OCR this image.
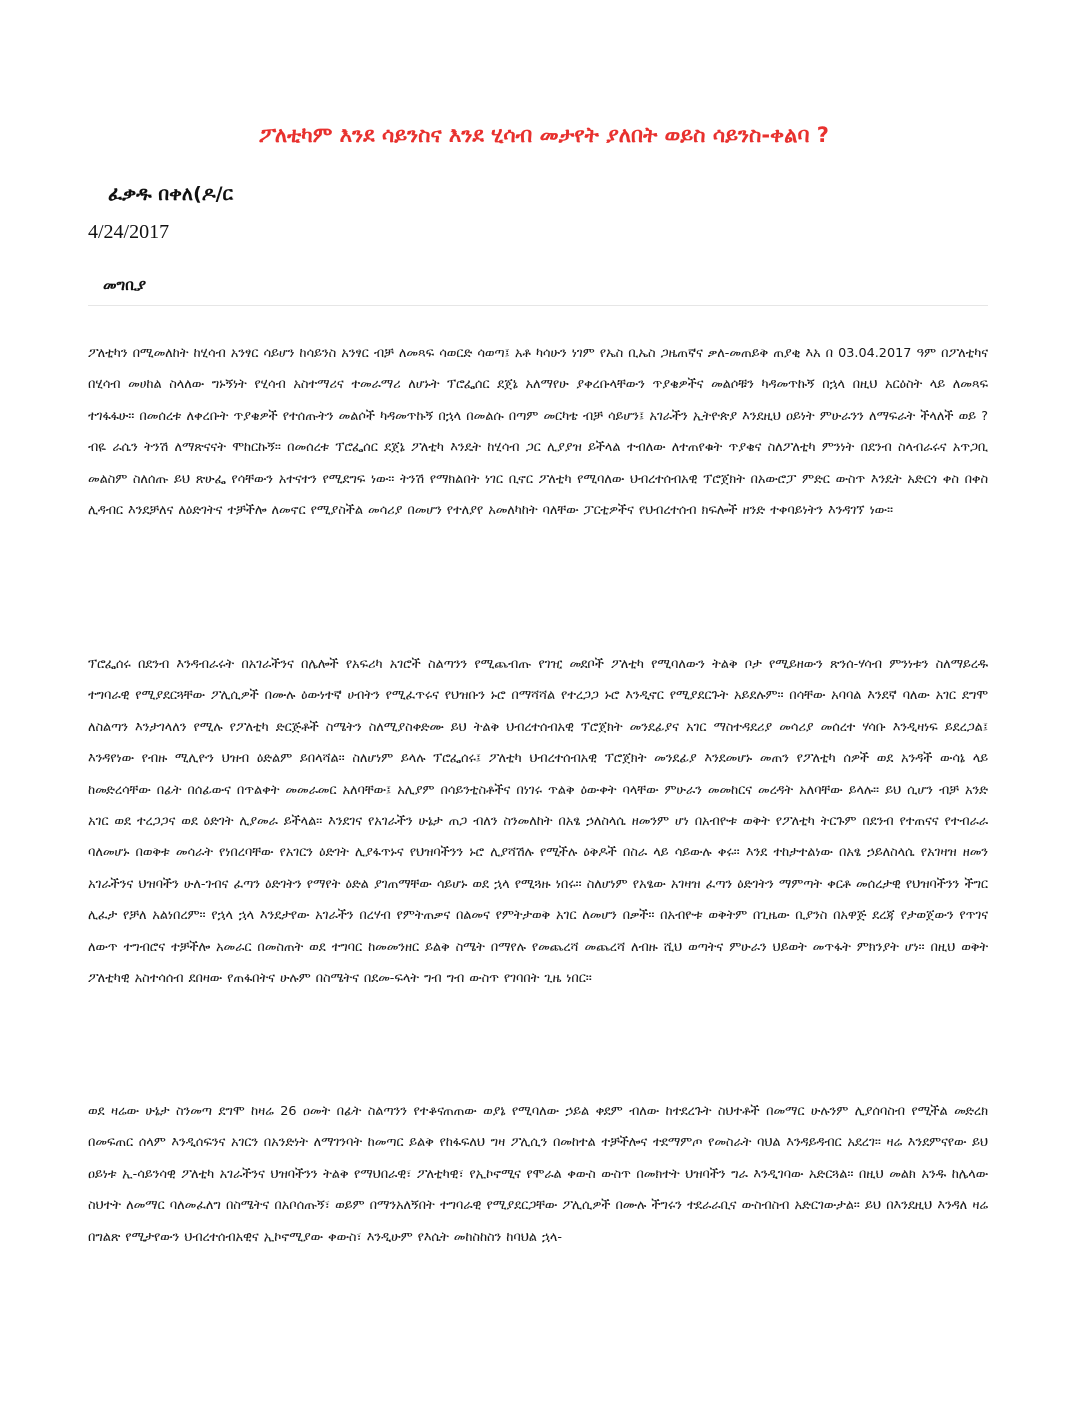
ፖለቲካም እንደ ሳይንስና እንደ ሂሳብ መታየት ያለበት ወይስ ሳይንስ-ቀልባ ?

ፈቃዱ በቀለ(ዶ/ር

4/24/2017

መግቢያ

ፖለቲካን በሚመለከት ከሂሳብ አንፃር ሳይሆን ከሳይንስ አንፃር ብቻ ለመጻፍ ሳወርድ ሳወጣ፤ አቶ ካሳሁን ነገም የኤስ ቢኤስ ጋዜጠኛና ቃለ-መጠይቅ ጠያቂ እአ በ 03.04.2017 ዓም በፖለቲካና በሂሳብ መሀከል ስላለው ግኑኝነት የሂሳብ አስተማሪና ተመራማሪ ለሆኑት ፕሮፌሰር ደጀኔ አለማየሁ ያቀረቡላቸውን ጥያቄዎችና መልሶቹን ካዳመጥኩኝ በኋላ በዚህ አርዕስት ላይ ለመጻፍ ተገፋፋሁ። በመሰረቱ ለቀረቡት ጥያቄዎች የተሰጡትን መልሶች ካዳመጥኩኝ በኋላ በመልሱ በጣም መርካቴ ብቻ ሳይሆን፤ አገራችን ኢትዮጵያ እንደዚህ ዐይነት ምሁራንን ለማፍራት ችላለች ወይ ? ብዬ ራሴን ትንሽ ለማጽናናት ሞከርኩኝ። በመሰረቱ ፕሮፌሰር ደጀኔ ፖለቲካ እንዴት ከሂሳብ ጋር ሊያያዝ ይችላል ተብለው ለተጠየቁት ጥያቄና ስለፖለቲካ ምንነት በደንብ ስላብራሩና አጥጋቢ መልስም ስለሰጡ ይህ ጽሁፌ የሳቸውን አተናተን የሚደግፍ ነው። ትንሽ የማክልበት ነገር ቢኖር ፖለቲካ የሚባለው ህብረተሰብአዊ ፕሮጀክት በአውሮፓ ምድር ውስጥ እንዴት አድርጎ ቀስ በቀስ ሊዳብር እንደቻለና ለዕድገትና ተቻችሎ ለመኖር የሚያስችል መሳሪያ በመሆን የተለያየ አመለካከት ባለቸው ፓርቲዎችና የህብረተሰብ ክፍሎች ዘንድ ተቀባይነትን እንዳገኘ ነው።

ፕሮፌሰሩ በደንብ እንዳብራሩት በአገራችንና በሌሎች የአፍሪካ አገሮች ስልጣንን የሚጨብጡ የገዢ መደቦች ፖለቲካ የሚባለውን ትልቅ ቦታ የሚይዘውን ጽንሰ-ሃሳብ ምንነቱን ስለማይረዱ ተግባራዊ የሚያደርጓቸው ፖሊሲዎች በሙሉ ዕውነተኛ ሀብትን የሚፈጥሩና የህዝቡን ኑሮ በማሻሻል የተረጋጋ ኑሮ እንዲኖር የሚያደርጉት አይደሉም። በሳቸው አባባል እንደኛ ባለው አገር ደግሞ ለስልጣን እንታገላለን የሚሉ የፖለቲካ ድርጅቶች ስሜትን ስለሚያስቀድሙ ይህ ትልቅ ህብረተሰብአዊ ፕሮጀክት መንደፊያና አገር ማስተዳደሪያ መሳሪያ መሰረተ ሃሳቡ እንዲዛነፍ ይደረጋል፤ እንዳየነው የብዙ ሚሊዮን ህዝብ ዕድልም ይበላሻል። ስለሆነም ይላሉ ፕሮፌሰሩ፤ ፖለቲካ ህብረተሰብአዊ ፕሮጀክት መንደፊያ እንደመሆኑ መጠን የፖለቲካ ሰዎች ወደ አንዳች ውሳኔ ላይ ከመድረሳቸው በፊት በሰፊውና በጥልቀት መመራመር አለባቸው፤ አሊያም በሳይንቲስቶችና በነገሩ ጥልቅ ዕውቀት ባላቸው ምሁራን መመከርና መረዳት አለባቸው ይላሉ። ይህ ሲሆን ብቻ አንድ አገር ወደ ተረጋጋና ወደ ዕድገት ሊያመራ ይችላል። እንደገና የአገራችን ሁኔታ ጠጋ ብለን ስንመለከት በአፄ ኃለስላሴ ዘመንም ሆነ በአብዮቱ ወቅት የፖለቲካ ትርጉም በደንብ የተጠናና የተብራራ ባለመሆኑ በወቅቱ መሳራት የነበረባቸው የአገርን ዕድገት ሊያፋጥኑና የህዝባችንን ኑሮ ሊያሻሽሉ የሚችሉ ዕቅዶች በስራ ላይ ሳይውሉ ቀሩ። እንደ ተከታተልነው በአፄ ኃይለስላሴ የአገዛዝ ዘመን አገራችንና ህዝባችን ሁለ-ገብና ፈጣን ዕድገትን የማየት ዕድል ያገጠማቸው ሳይሆኑ ወደ ኋላ የሚጓዙ ነበሩ። ስለሆነም የአፄው አገዛዝ ፈጣን ዕድገትን ማምጣት ቀርቶ መሰረታዊ የህዝባችንን ችግር ሊፈታ የቻለ አልነበረም። የኋላ ኋላ እንደታየው አገራችን በረሃብ የምትጠቃና በልመና የምትታወቅ አገር ለመሆን በቃች። በአብዮቱ ወቅትም በጊዜው ቢያንስ በአዋጅ ደረጃ የታወጀውን የጥገና ለውጥ ተግብሮና ተቻችሎ አመራር በመስጠት ወደ ተግባር ከመመንዘር ይልቅ ስሜት በማየሉ የመጨረሻ መጨረሻ ለብዙ ሺህ ወጣትና ምሁራን ህይወት መጥፋት ምክንያት ሆነ። በዚህ ወቅት ፖለቲካዊ አስተሳሰብ ደበዛው የጠፋበትና ሁሉም በስሜትና በደመ-ፍላት ግብ ግብ ውስጥ የገባበት ጊዜ ነበር።

ወደ ዛሬው ሁኔታ ስንመጣ ደግሞ ከዛሬ 26 ዐመት በፊት ስልጣንን የተቆናጠጠው ወያኔ የሚባለው ኃይል ቀደም ብለው ከተደረጉት ስህተቶች በመማር ሁሉንም ሊያሰባስብ የሚችል መድረክ በመፍጠር ሰላም እንዲሰፍንና አገርን በአንድነት ለማገንባት ከመጣር ይልቅ የከፋፍለህ ግዛ ፖሊሲን በመከተል ተቻችሎና ተደማምጦ የመስራት ባህል እንዳይዳብር አደረገ። ዛሬ እንደምናየው ይህ ዐይነቱ ኢ-ሳይንሳዊ ፖለቲካ አገራችንና ህዝባችንን ትልቅ የማህበራዊ፣ ፖለቲካዊ፣ የኢኮኖሚና የሞራል ቀውስ ውስጥ በመክተት ህዝባችን ግራ እንዲገባው አድርጓል። በዚህ መልክ አንዱ ከሌላው ስህተት ለመማር ባለመፈለግ በስሜትና በአቦሰጡኝ፣ ወይም በማንአለኝበት ተግባራዊ የሚያደርጋቸው ፖሊሲዎች በሙሉ ችግሩን ተደራራቢና ውስብስብ አድርገውታል። ይህ በእንደዚህ እንዳለ ዛሬ በግልጽ የሚታየውን ህብረተሰብአዊና ኢኮኖሚያው ቀውስ፣ እንዲሁም የእሴት መከስከስን ከባህል ኋላ-
